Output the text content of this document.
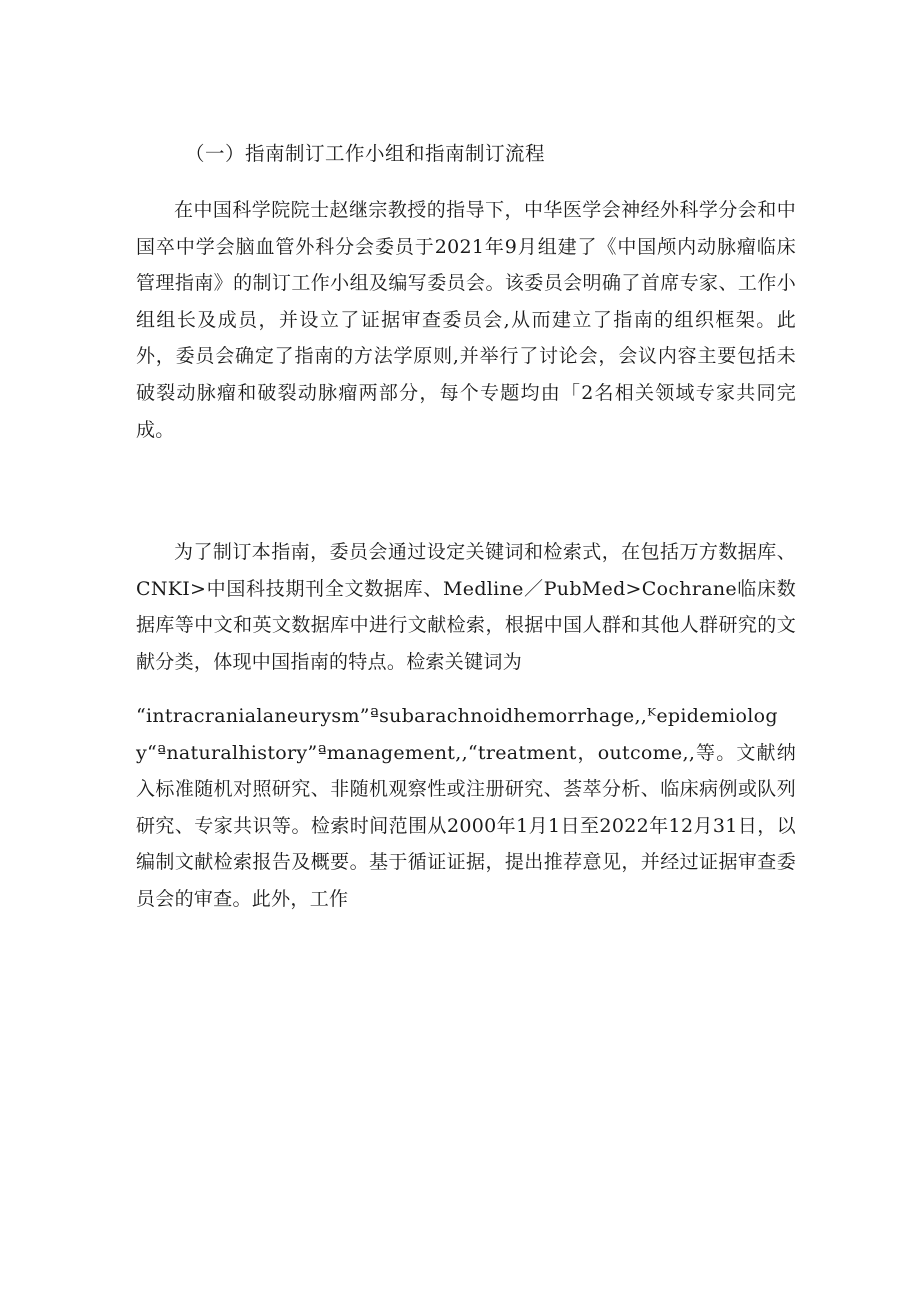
（一）指南制订工作小组和指南制订流程

在中国科学院院士赵继宗教授的指导下，中华医学会神经外科学分会和中国卒中学会脑血管外科分会委员于2021年9月组建了《中国颅内动脉瘤临床管理指南》的制订工作小组及编写委员会。该委员会明确了首席专家、工作小组组长及成员，并设立了证据审查委员会,从而建立了指南的组织框架。此外，委员会确定了指南的方法学原则,并举行了讨论会，会议内容主要包括未破裂动脉瘤和破裂动脉瘤两部分，每个专题均由「2名相关领域专家共同完成。

为了制订本指南，委员会通过设定关键词和检索式，在包括万方数据库、CNKI>中国科技期刊全文数据库、Medline／PubMed>Cochrane临床数据库等中文和英文数据库中进行文献检索，根据中国人群和其他人群研究的文献分类，体现中国指南的特点。检索关键词为

“intracranialaneurysm”ªsubarachnoidhemorrhage,,ᴷepidemiology“ªnaturalhistory”ªmanagement,,“treatment，outcome,,等。文献纳入标准随机对照研究、非随机观察性或注册研究、荟萃分析、临床病例或队列研究、专家共识等。检索时间范围从2000年1月1日至2022年12月31日，以编制文献检索报告及概要。基于循证证据，提出推荐意见，并经过证据审查委员会的审查。此外，工作
